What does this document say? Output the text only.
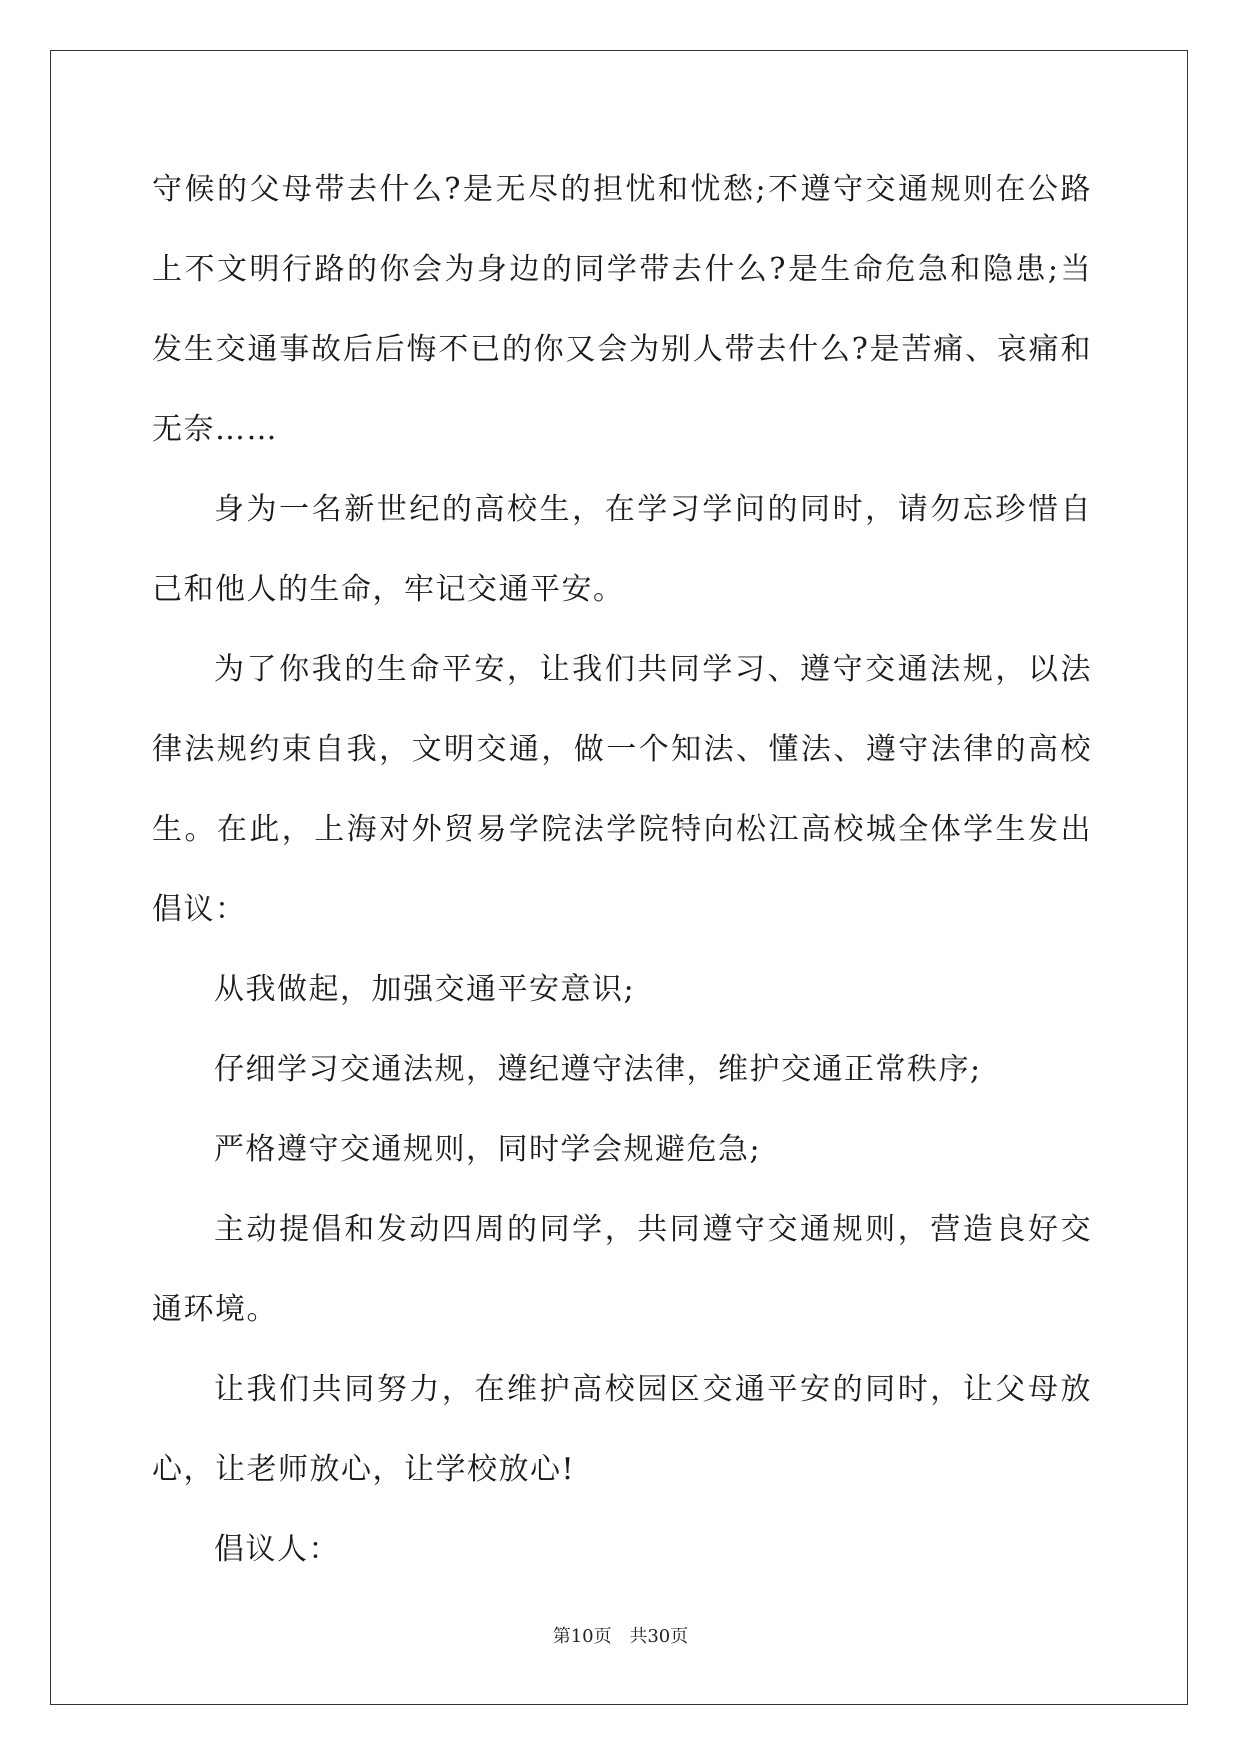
守候的父母带去什么?是无尽的担忧和忧愁;不遵守交通规则在公路上不文明行路的你会为身边的同学带去什么?是生命危急和隐患;当发生交通事故后后悔不已的你又会为别人带去什么?是苦痛、哀痛和无奈……

身为一名新世纪的高校生，在学习学问的同时，请勿忘珍惜自己和他人的生命，牢记交通平安。

为了你我的生命平安，让我们共同学习、遵守交通法规，以法律法规约束自我，文明交通，做一个知法、懂法、遵守法律的高校生。在此，上海对外贸易学院法学院特向松江高校城全体学生发出倡议：

从我做起，加强交通平安意识;

仔细学习交通法规，遵纪遵守法律，维护交通正常秩序;

严格遵守交通规则，同时学会规避危急;

主动提倡和发动四周的同学，共同遵守交通规则，营造良好交通环境。

让我们共同努力，在维护高校园区交通平安的同时，让父母放心，让老师放心，让学校放心!

倡议人：

第10页 共30页
